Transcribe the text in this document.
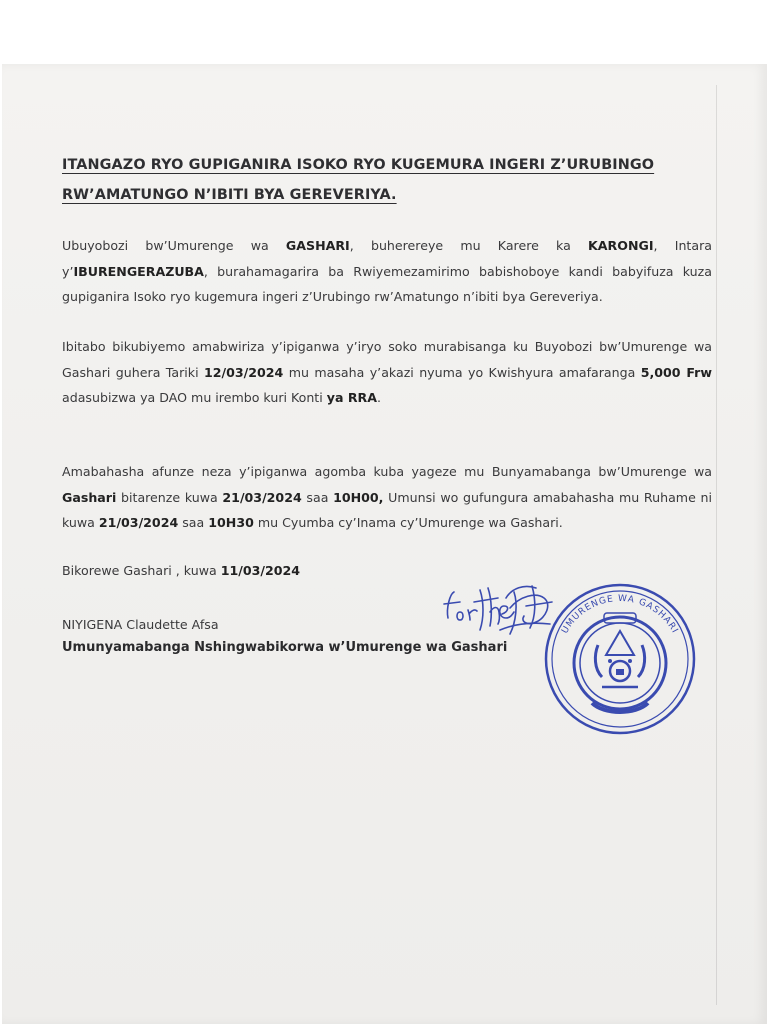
ITANGAZO RYO GUPIGANIRA ISOKO RYO KUGEMURA INGERI Z’URUBINGO RW’AMATUNGO N’IBITI BYA GEREVERIYA.
Ubuyobozi bw’Umurenge wa GASHARI, buherereye mu Karere ka KARONGI, Intara y’IBURENGERAZUBA, burahamagarira ba Rwiyemezamirimo babishoboye kandi babyifuza kuza gupiganira Isoko ryo kugemura ingeri z’Urubingo rw’Amatungo n’ibiti bya Gereveriya.
Ibitabo bikubiyemo amabwiriza y’ipiganwa y’iryo soko murabisanga ku Buyobozi bw’Umurenge wa Gashari guhera Tariki 12/03/2024 mu masaha y’akazi nyuma yo Kwishyura amafaranga 5,000 Frw adasubizwa ya DAO mu irembo kuri Konti ya RRA.
Amabahasha afunze neza y’ipiganwa agomba kuba yageze mu Bunyamabanga bw’Umurenge wa Gashari bitarenze kuwa 21/03/2024 saa 10H00, Umunsi wo gufungura amabahasha mu Ruhame ni kuwa 21/03/2024 saa 10H30 mu Cyumba cy’Inama cy’Umurenge wa Gashari.
Bikorewe Gashari , kuwa 11/03/2024
NIYIGENA Claudette Afsa
Umunyamabanga Nshingwabikorwa w’Umurenge wa Gashari
UMURENGE WA GASHARI
